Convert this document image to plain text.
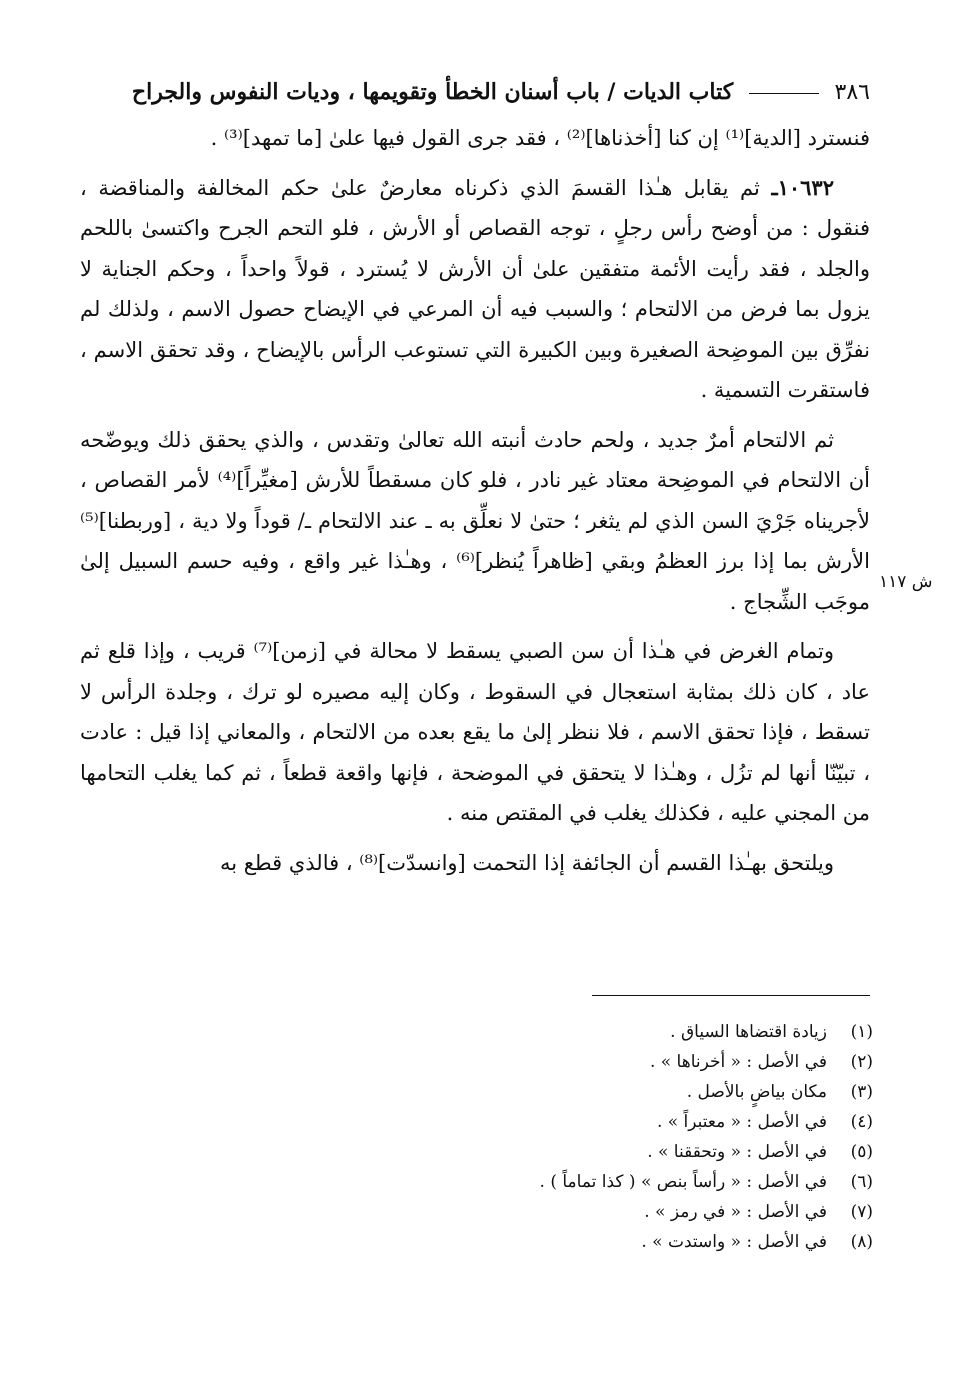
٣٨٦  كتاب الديات / باب أسنان الخطأ وتقويمها ، وديات النفوس والجراح

فنسترد [الدية]⁽¹⁾ إن كنا [أخذناها]⁽²⁾ ، فقد جرى القول فيها علىٰ [ما تمهد]⁽³⁾ .

١٠٦٣٢ـ ثم يقابل هـٰذا القسمَ الذي ذكرناه معارضٌ علىٰ حكم المخالفة والمناقضة ، فنقول : من أوضح رأس رجلٍ ، توجه القصاص أو الأرش ، فلو التحم الجرح واكتسىٰ باللحم والجلد ، فقد رأيت الأئمة متفقين علىٰ أن الأرش لا يُسترد ، قولاً واحداً ، وحكم الجناية لا يزول بما فرض من الالتحام ؛ والسبب فيه أن المرعي في الإيضاح حصول الاسم ، ولذلك لم نفرِّق بين الموضِحة الصغيرة وبين الكبيرة التي تستوعب الرأس بالإيضاح ، وقد تحقق الاسم ، فاستقرت التسمية .

ثم الالتحام أمرٌ جديد ، ولحم حادث أنبته الله تعالىٰ وتقدس ، والذي يحقق ذلك ويوضّحه أن الالتحام في الموضِحة معتاد غير نادر ، فلو كان مسقطاً للأرش [مغيِّراً]⁽⁴⁾ لأمر القصاص ، لأجريناه جَرْيَ السن الذي لم يثغر ؛ حتىٰ لا نعلِّق به ـ عند الالتحام ـ/ قوداً ولا دية ، [وربطنا]⁽⁵⁾ الأرش بما إذا برز العظمُ وبقي [ظاهراً يُنظر]⁽⁶⁾ ، وهـٰذا غير واقع ، وفيه حسم السبيل إلىٰ موجَب الشِّجاج .

وتمام الغرض في هـٰذا أن سن الصبي يسقط لا محالة في [زمن]⁽⁷⁾ قريب ، وإذا قلع ثم عاد ، كان ذلك بمثابة استعجال في السقوط ، وكان إليه مصيره لو ترك ، وجلدة الرأس لا تسقط ، فإذا تحقق الاسم ، فلا ننظر إلىٰ ما يقع بعده من الالتحام ، والمعاني إذا قيل : عادت ، تبيّنّا أنها لم تزُل ، وهـٰذا لا يتحقق في الموضحة ، فإنها واقعة قطعاً ، ثم كما يغلب التحامها من المجني عليه ، فكذلك يغلب في المقتص منه .

ويلتحق بهـٰذا القسم أن الجائفة إذا التحمت [وانسدّت]⁽⁸⁾ ، فالذي قطع به

ش ١١٧
(١)زيادة اقتضاها السياق .
(٢)في الأصل : « أخرناها » .
(٣)مكان بياضٍ بالأصل .
(٤)في الأصل : « معتبراً » .
(٥)في الأصل : « وتحققنا » .
(٦)في الأصل : « رأساً بنص » ( كذا تماماً ) .
(٧)في الأصل : « في رمز » .
(٨)في الأصل : « واستدت » .
